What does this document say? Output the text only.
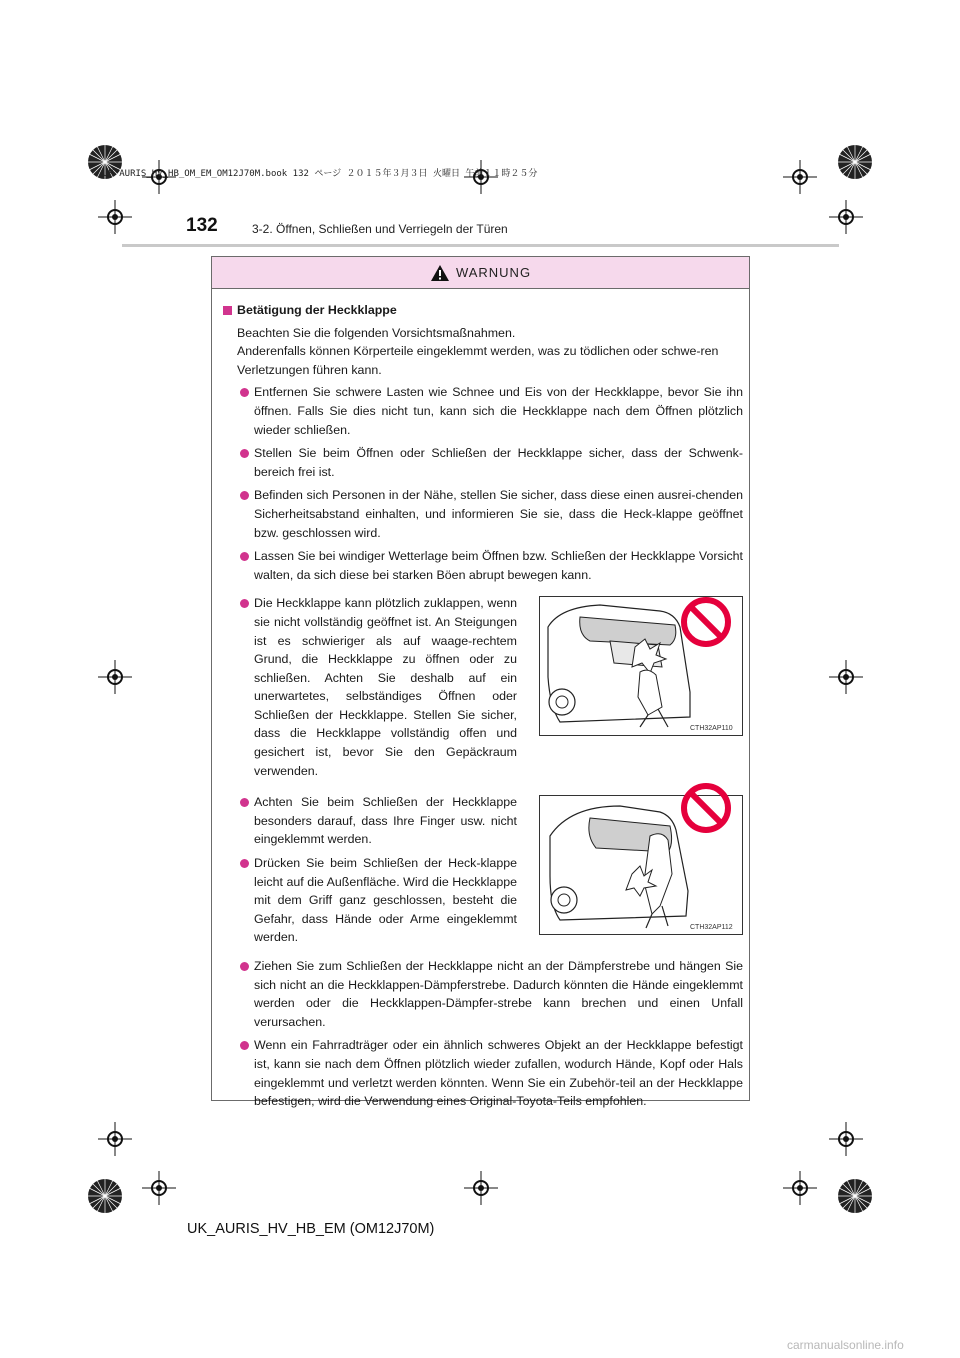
UK AURIS_HV_HB_OM_EM_OM12J70M.book 132 ページ ２０１５年３月３日 火曜日 午前１１時２５分
132	3-2. Öffnen, Schließen und Verriegeln der Türen
WARNUNG
Betätigung der Heckklappe
Beachten Sie die folgenden Vorsichtsmaßnahmen.
Anderenfalls können Körperteile eingeklemmt werden, was zu tödlichen oder schwe-ren Verletzungen führen kann.
Entfernen Sie schwere Lasten wie Schnee und Eis von der Heckklappe, bevor Sie ihn öffnen. Falls Sie dies nicht tun, kann sich die Heckklappe nach dem Öffnen plötzlich wieder schließen.
Stellen Sie beim Öffnen oder Schließen der Heckklappe sicher, dass der Schwenk-bereich frei ist.
Befinden sich Personen in der Nähe, stellen Sie sicher, dass diese einen ausrei-chenden Sicherheitsabstand einhalten, und informieren Sie sie, dass die Heck-klappe geöffnet bzw. geschlossen wird.
Lassen Sie bei windiger Wetterlage beim Öffnen bzw. Schließen der Heckklappe Vorsicht walten, da sich diese bei starken Böen abrupt bewegen kann.
Die Heckklappe kann plötzlich zuklappen, wenn sie nicht vollständig geöffnet ist. An Steigungen ist es schwieriger als auf waage-rechtem Grund, die Heckklappe zu öffnen oder zu schließen. Achten Sie deshalb auf ein unerwartetes, selbständiges Öffnen oder Schließen der Heckklappe. Stellen Sie sicher, dass die Heckklappe vollständig offen und gesichert ist, bevor Sie den Gepäckraum verwenden.
CTH32AP110
Achten Sie beim Schließen der Heckklappe besonders darauf, dass Ihre Finger usw. nicht eingeklemmt werden.
Drücken Sie beim Schließen der Heck-klappe leicht auf die Außenfläche. Wird die Heckklappe mit dem Griff ganz geschlossen, besteht die Gefahr, dass Hände oder Arme eingeklemmt werden.
CTH32AP112
Ziehen Sie zum Schließen der Heckklappe nicht an der Dämpferstrebe und hängen Sie sich nicht an die Heckklappen-Dämpferstrebe. Dadurch könnten die Hände eingeklemmt werden oder die Heckklappen-Dämpfer-strebe kann brechen und einen Unfall verursachen.
Wenn ein Fahrradträger oder ein ähnlich schweres Objekt an der Heckklappe befestigt ist, kann sie nach dem Öffnen plötzlich wieder zufallen, wodurch Hände, Kopf oder Hals eingeklemmt und verletzt werden könnten. Wenn Sie ein Zubehör-teil an der Heckklappe befestigen, wird die Verwendung eines Original-Toyota-Teils empfohlen.
UK_AURIS_HV_HB_EM (OM12J70M)
carmanualsonline.info
